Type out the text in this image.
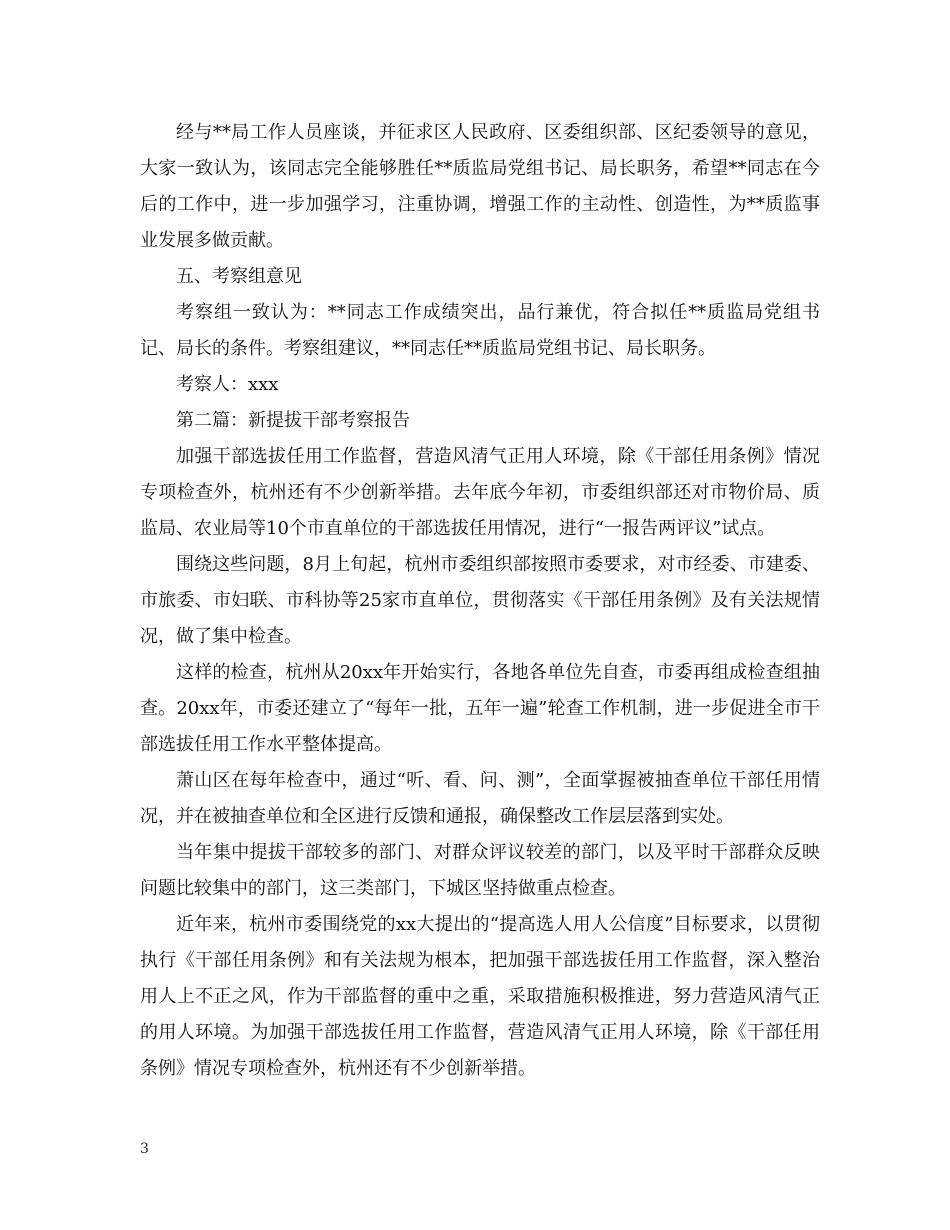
经与**局工作人员座谈，并征求区人民政府、区委组织部、区纪委领导的意见，大家一致认为，该同志完全能够胜任**质监局党组书记、局长职务，希望**同志在今后的工作中，进一步加强学习，注重协调，增强工作的主动性、创造性，为**质监事业发展多做贡献。

五、考察组意见

考察组一致认为：**同志工作成绩突出，品行兼优，符合拟任**质监局党组书记、局长的条件。考察组建议，**同志任**质监局党组书记、局长职务。

考察人：xxx

第二篇：新提拔干部考察报告

加强干部选拔任用工作监督，营造风清气正用人环境，除《干部任用条例》情况专项检查外，杭州还有不少创新举措。去年底今年初，市委组织部还对市物价局、质监局、农业局等10个市直单位的干部选拔任用情况，进行“一报告两评议”试点。

围绕这些问题，8月上旬起，杭州市委组织部按照市委要求，对市经委、市建委、市旅委、市妇联、市科协等25家市直单位，贯彻落实《干部任用条例》及有关法规情况，做了集中检查。

这样的检查，杭州从20xx年开始实行，各地各单位先自查，市委再组成检查组抽查。20xx年，市委还建立了“每年一批，五年一遍”轮查工作机制，进一步促进全市干部选拔任用工作水平整体提高。

萧山区在每年检查中，通过“听、看、问、测”，全面掌握被抽查单位干部任用情况，并在被抽查单位和全区进行反馈和通报，确保整改工作层层落到实处。

当年集中提拔干部较多的部门、对群众评议较差的部门，以及平时干部群众反映问题比较集中的部门，这三类部门，下城区坚持做重点检查。

近年来，杭州市委围绕党的xx大提出的“提高选人用人公信度”目标要求，以贯彻执行《干部任用条例》和有关法规为根本，把加强干部选拔任用工作监督，深入整治用人上不正之风，作为干部监督的重中之重，采取措施积极推进，努力营造风清气正的用人环境。为加强干部选拔任用工作监督，营造风清气正用人环境，除《干部任用条例》情况专项检查外，杭州还有不少创新举措。

3
